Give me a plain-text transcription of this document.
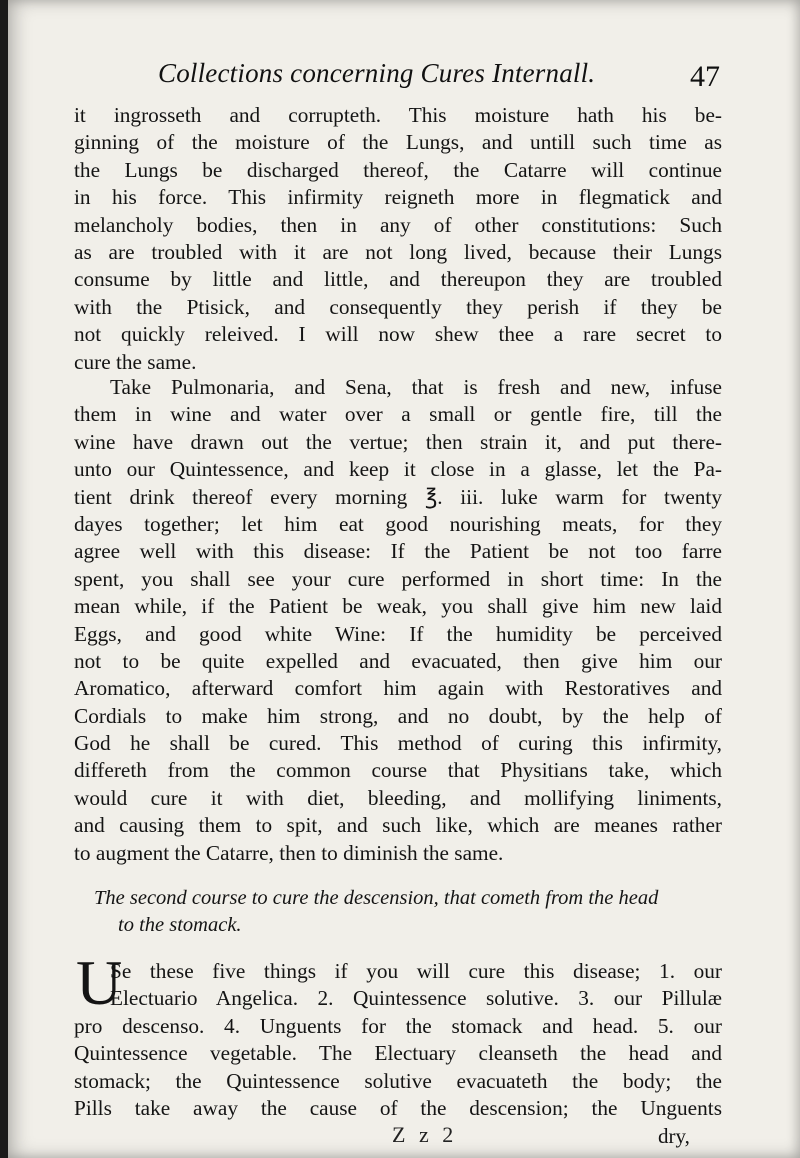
Collections concerning Cures Internall.	47
it ingrosseth and corrupteth. This moisture hath his be-
ginning of the moisture of the Lungs, and untill such time as
the Lungs be discharged thereof, the Catarre will continue
in his force. This infirmity reigneth more in flegmatick and
melancholy bodies, then in any of other constitutions: Such
as are troubled with it are not long lived, because their Lungs
consume by little and little, and thereupon they are troubled
with the Ptisick, and consequently they perish if they be
not quickly releived. I will now shew thee a rare secret to
cure the same.
Take Pulmonaria, and Sena, that is fresh and new, infuse
them in wine and water over a small or gentle fire, till the
wine have drawn out the vertue; then strain it, and put there-
unto our Quintessence, and keep it close in a glasse, let the Pa-
tient drink thereof every morning ℥. iii. luke warm for twenty
dayes together; let him eat good nourishing meats, for they
agree well with this disease: If the Patient be not too farre
spent, you shall see your cure performed in short time: In the
mean while, if the Patient be weak, you shall give him new laid
Eggs, and good white Wine: If the humidity be perceived
not to be quite expelled and evacuated, then give him our
Aromatico, afterward comfort him again with Restoratives and
Cordials to make him strong, and no doubt, by the help of
God he shall be cured. This method of curing this infirmity,
differeth from the common course that Physitians take, which
would cure it with diet, bleeding, and mollifying liniments,
and causing them to spit, and such like, which are meanes rather
to augment the Catarre, then to diminish the same.
The second course to cure the descension, that cometh from the head
to the stomack.
U
Se these five things if you will cure this disease; 1. our
Electuario Angelica. 2. Quintessence solutive. 3. our Pillulæ
pro descenso. 4. Unguents for the stomack and head. 5. our
Quintessence vegetable. The Electuary cleanseth the head and
stomack; the Quintessence solutive evacuateth the body; the
Pills take away the cause of the descension; the Unguents
Z z 2	dry,
